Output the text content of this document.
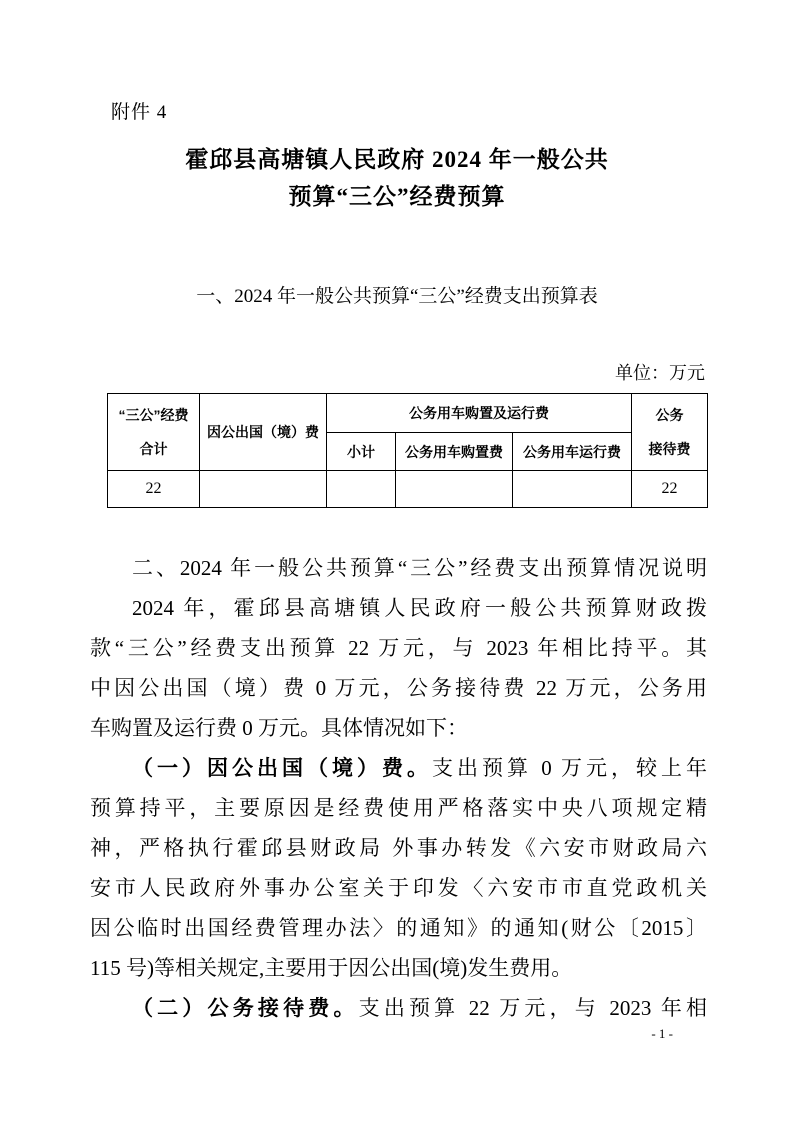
附件 4
霍邱县高塘镇人民政府 2024 年一般公共
预算“三公”经费预算
一、2024 年一般公共预算“三公”经费支出预算表
单位：万元
“三公”经费
合计
	因公出国（境）费	公务用车购置及运行费	公务
接待费

		小计	公务用车购置费	公务用车运行费	
22					22
二、2024 年一般公共预算“三公”经费支出预算情况说明
2024 年，霍邱县高塘镇人民政府一般公共预算财政拨
款“三公”经费支出预算 22 万元，与 2023 年相比持平。其
中因公出国（境）费 0 万元，公务接待费 22 万元，公务用
车购置及运行费 0 万元。具体情况如下：
（一）因公出国（境）费。支出预算 0 万元，较上年
预算持平，主要原因是经费使用严格落实中央八项规定精
神，严格执行霍邱县财政局 外事办转发《六安市财政局六
安市人民政府外事办公室关于印发〈六安市市直党政机关
因公临时出国经费管理办法〉的通知》的通知(财公〔2015〕
115 号)等相关规定,主要用于因公出国(境)发生费用。
（二）公务接待费。支出预算 22 万元，与 2023 年相
- 1 -
